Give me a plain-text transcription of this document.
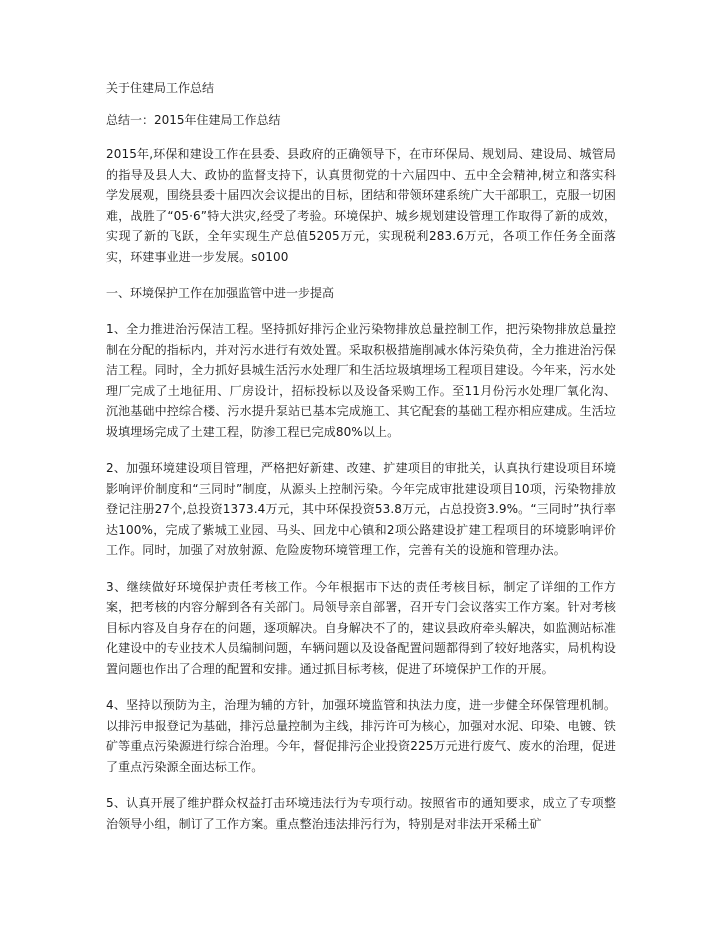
关于住建局工作总结
总结一：2015年住建局工作总结

2015年,环保和建设工作在县委、县政府的正确领导下，在市环保局、规划局、建设局、城管局的指导及县人大、政协的监督支持下，认真贯彻党的十六届四中、五中全会精神,树立和落实科学发展观，围绕县委十届四次会议提出的目标，团结和带领环建系统广大干部职工，克服一切困难，战胜了“05·6”特大洪灾,经受了考验。环境保护、城乡规划建设管理工作取得了新的成效，实现了新的飞跃，全年实现生产总值5205万元，实现税利283.6万元，各项工作任务全面落实，环建事业进一步发展。s0100

一、环境保护工作在加强监管中进一步提高

1、全力推进治污保洁工程。坚持抓好排污企业污染物排放总量控制工作，把污染物排放总量控制在分配的指标内，并对污水进行有效处置。采取积极措施削减水体污染负荷，全力推进治污保洁工程。同时，全力抓好县城生活污水处理厂和生活垃圾填埋场工程项目建设。今年来，污水处理厂完成了土地征用、厂房设计，招标投标以及设备采购工作。至11月份污水处理厂氧化沟、沉池基础中控综合楼、污水提升泵站已基本完成施工、其它配套的基础工程亦相应建成。生活垃圾填埋场完成了土建工程，防渗工程已完成80%以上。

2、加强环境建设项目管理，严格把好新建、改建、扩建项目的审批关，认真执行建设项目环境影响评价制度和“三同时”制度，从源头上控制污染。今年完成审批建设项目10项，污染物排放登记注册27个,总投资1373.4万元，其中环保投资53.8万元，占总投资3.9%。“三同时”执行率达100%，完成了紫城工业园、马头、回龙中心镇和2项公路建设扩建工程项目的环境影响评价工作。同时，加强了对放射源、危险废物环境管理工作，完善有关的设施和管理办法。

3、继续做好环境保护责任考核工作。今年根据市下达的责任考核目标，制定了详细的工作方案，把考核的内容分解到各有关部门。局领导亲自部署，召开专门会议落实工作方案。针对考核目标内容及自身存在的问题，逐项解决。自身解决不了的，建议县政府牵头解决，如监测站标准化建设中的专业技术人员编制问题，车辆问题以及设备配置问题都得到了较好地落实，局机构设置问题也作出了合理的配置和安排。通过抓目标考核，促进了环境保护工作的开展。

4、坚持以预防为主，治理为辅的方针，加强环境监管和执法力度，进一步健全环保管理机制。以排污申报登记为基础，排污总量控制为主线，排污许可为核心，加强对水泥、印染、电镀、铁矿等重点污染源进行综合治理。今年，督促排污企业投资225万元进行废气、废水的治理，促进了重点污染源全面达标工作。

5、认真开展了维护群众权益打击环境违法行为专项行动。按照省市的通知要求，成立了专项整治领导小组，制订了工作方案。重点整治违法排污行为，特别是对非法开采稀土矿
